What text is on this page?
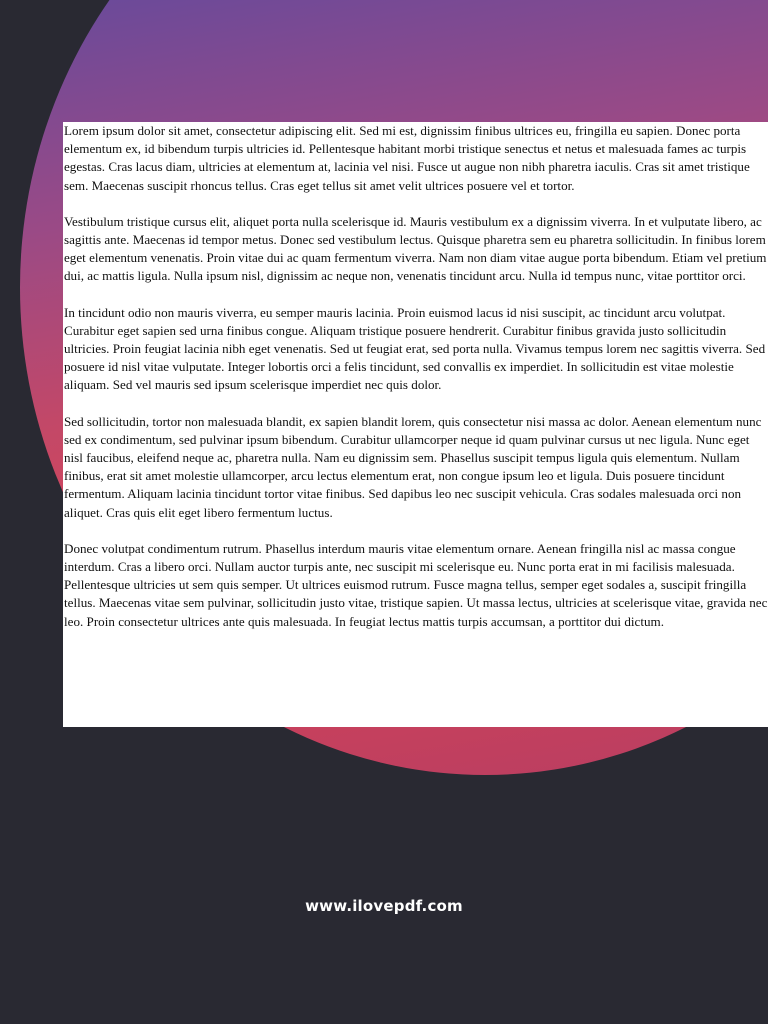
Lorem ipsum dolor sit amet, consectetur adipiscing elit. Sed mi est, dignissim finibus ultrices eu, fringilla eu sapien. Donec porta elementum ex, id bibendum turpis ultricies id. Pellentesque habitant morbi tristique senectus et netus et malesuada fames ac turpis egestas. Cras lacus diam, ultricies at elementum at, lacinia vel nisi. Fusce ut augue non nibh pharetra iaculis. Cras sit amet tristique sem. Maecenas suscipit rhoncus tellus. Cras eget tellus sit amet velit ultrices posuere vel et tortor.

Vestibulum tristique cursus elit, aliquet porta nulla scelerisque id. Mauris vestibulum ex a dignissim viverra. In et vulputate libero, ac sagittis ante. Maecenas id tempor metus. Donec sed vestibulum lectus. Quisque pharetra sem eu pharetra sollicitudin. In finibus lorem eget elementum venenatis. Proin vitae dui ac quam fermentum viverra. Nam non diam vitae augue porta bibendum. Etiam vel pretium dui, ac mattis ligula. Nulla ipsum nisl, dignissim ac neque non, venenatis tincidunt arcu. Nulla id tempus nunc, vitae porttitor orci.

In tincidunt odio non mauris viverra, eu semper mauris lacinia. Proin euismod lacus id nisi suscipit, ac tincidunt arcu volutpat. Curabitur eget sapien sed urna finibus congue. Aliquam tristique posuere hendrerit. Curabitur finibus gravida justo sollicitudin ultricies. Proin feugiat lacinia nibh eget venenatis. Sed ut feugiat erat, sed porta nulla. Vivamus tempus lorem nec sagittis viverra. Sed posuere id nisl vitae vulputate. Integer lobortis orci a felis tincidunt, sed convallis ex imperdiet. In sollicitudin est vitae molestie aliquam. Sed vel mauris sed ipsum scelerisque imperdiet nec quis dolor.

Sed sollicitudin, tortor non malesuada blandit, ex sapien blandit lorem, quis consectetur nisi massa ac dolor. Aenean elementum nunc sed ex condimentum, sed pulvinar ipsum bibendum. Curabitur ullamcorper neque id quam pulvinar cursus ut nec ligula. Nunc eget nisl faucibus, eleifend neque ac, pharetra nulla. Nam eu dignissim sem. Phasellus suscipit tempus ligula quis elementum. Nullam finibus, erat sit amet molestie ullamcorper, arcu lectus elementum erat, non congue ipsum leo et ligula. Duis posuere tincidunt fermentum. Aliquam lacinia tincidunt tortor vitae finibus. Sed dapibus leo nec suscipit vehicula. Cras sodales malesuada orci non aliquet. Cras quis elit eget libero fermentum luctus.

Donec volutpat condimentum rutrum. Phasellus interdum mauris vitae elementum ornare. Aenean fringilla nisl ac massa congue interdum. Cras a libero orci. Nullam auctor turpis ante, nec suscipit mi scelerisque eu. Nunc porta erat in mi facilisis malesuada. Pellentesque ultricies ut sem quis semper. Ut ultrices euismod rutrum. Fusce magna tellus, semper eget sodales a, suscipit fringilla tellus. Maecenas vitae sem pulvinar, sollicitudin justo vitae, tristique sapien. Ut massa lectus, ultricies at scelerisque vitae, gravida nec leo. Proin consectetur ultrices ante quis malesuada. In feugiat lectus mattis turpis accumsan, a porttitor dui dictum.

www.ilovepdf.com
